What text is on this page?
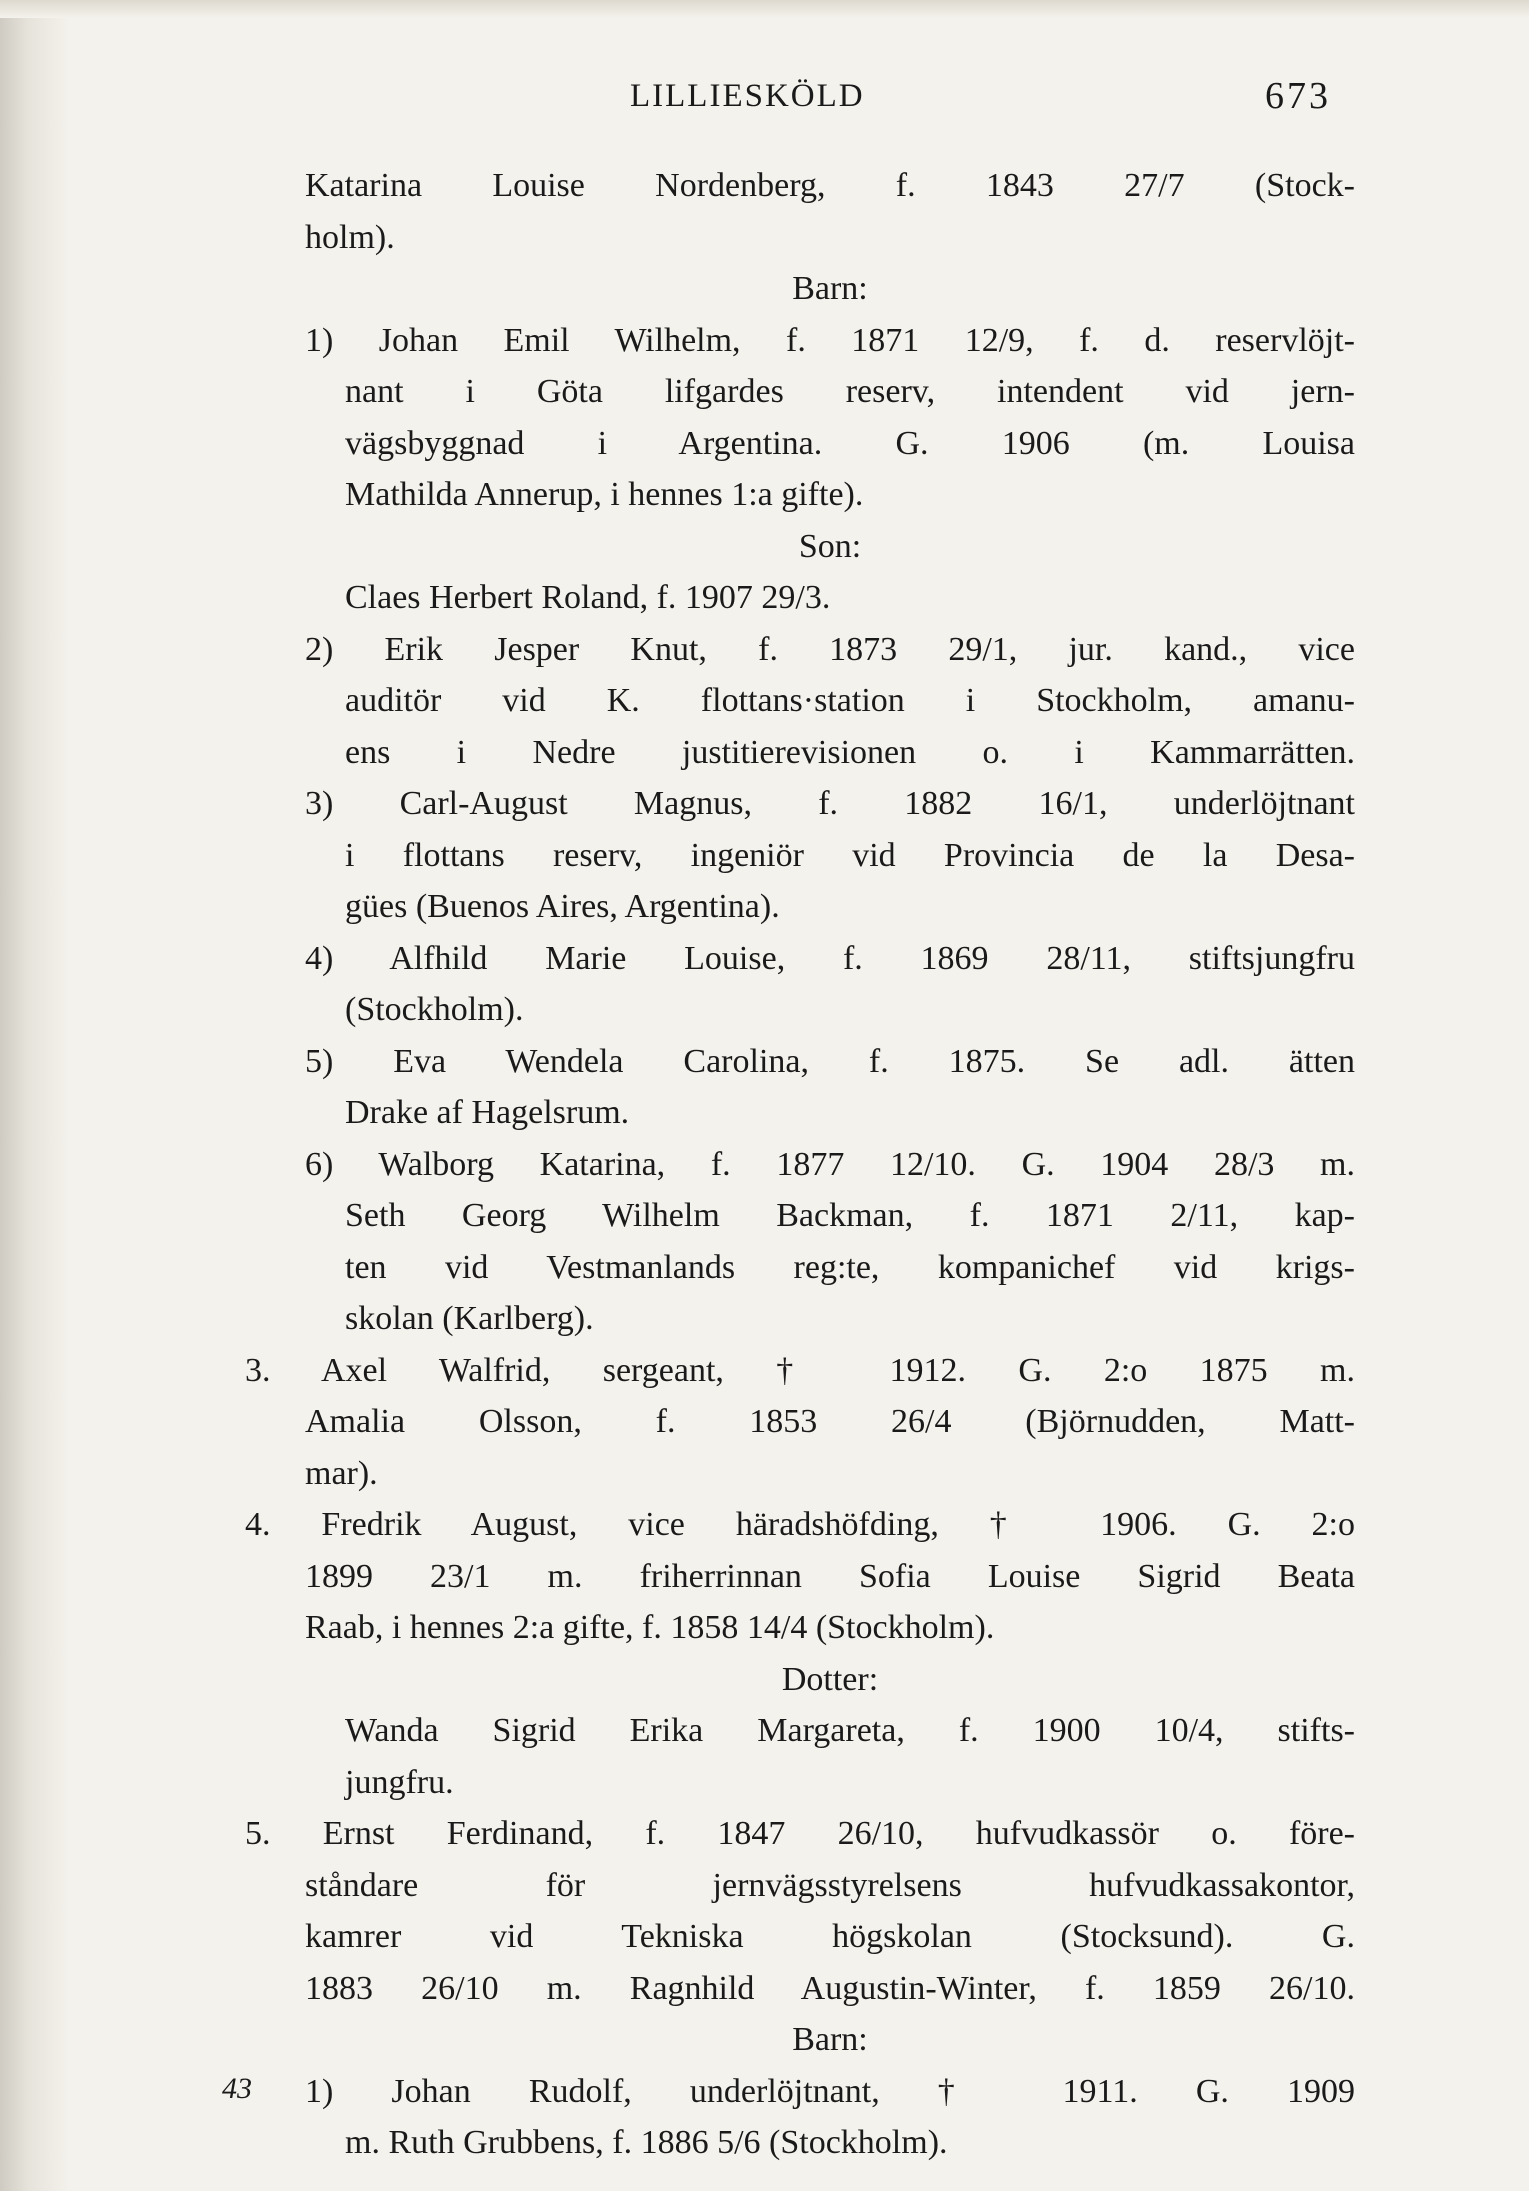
LILLIESKÖLD	673
Katarina Louise Nordenberg, f. 1843 27/7 (Stock-
holm).
Barn:
1) Johan Emil Wilhelm, f. 1871 12/9, f. d. reservlöjt-
nant i Göta lifgardes reserv, intendent vid jern-
vägsbyggnad i Argentina. G. 1906 (m. Louisa
Mathilda Annerup, i hennes 1:a gifte).
Son:
Claes Herbert Roland, f. 1907 29/3.
2) Erik Jesper Knut, f. 1873 29/1, jur. kand., vice
auditör vid K. flottans·station i Stockholm, amanu-
ens i Nedre justitierevisionen o. i Kammarrätten.
3) Carl-August Magnus, f. 1882 16/1, underlöjtnant
i flottans reserv, ingeniör vid Provincia de la Desa-
gües (Buenos Aires, Argentina).
4) Alfhild Marie Louise, f. 1869 28/11, stiftsjungfru
(Stockholm).
5) Eva Wendela Carolina, f. 1875. Se adl. ätten
Drake af Hagelsrum.
6) Walborg Katarina, f. 1877 12/10. G. 1904 28/3 m.
Seth Georg Wilhelm Backman, f. 1871 2/11, kap-
ten vid Vestmanlands reg:te, kompanichef vid krigs-
skolan (Karlberg).
3. Axel Walfrid, sergeant, † 1912. G. 2:o 1875 m.
Amalia Olsson, f. 1853 26/4 (Björnudden, Matt-
mar).
4. Fredrik August, vice häradshöfding, † 1906. G. 2:o
1899 23/1 m. friherrinnan Sofia Louise Sigrid Beata
Raab, i hennes 2:a gifte, f. 1858 14/4 (Stockholm).
Dotter:
Wanda Sigrid Erika Margareta, f. 1900 10/4, stifts-
jungfru.
5. Ernst Ferdinand, f. 1847 26/10, hufvudkassör o. före-
ståndare för jernvägsstyrelsens hufvudkassakontor,
kamrer vid Tekniska högskolan (Stocksund). G.
1883 26/10 m. Ragnhild Augustin-Winter, f. 1859 26/10.
Barn:
1) Johan Rudolf, underlöjtnant, † 1911. G. 1909
m. Ruth Grubbens, f. 1886 5/6 (Stockholm).
43
